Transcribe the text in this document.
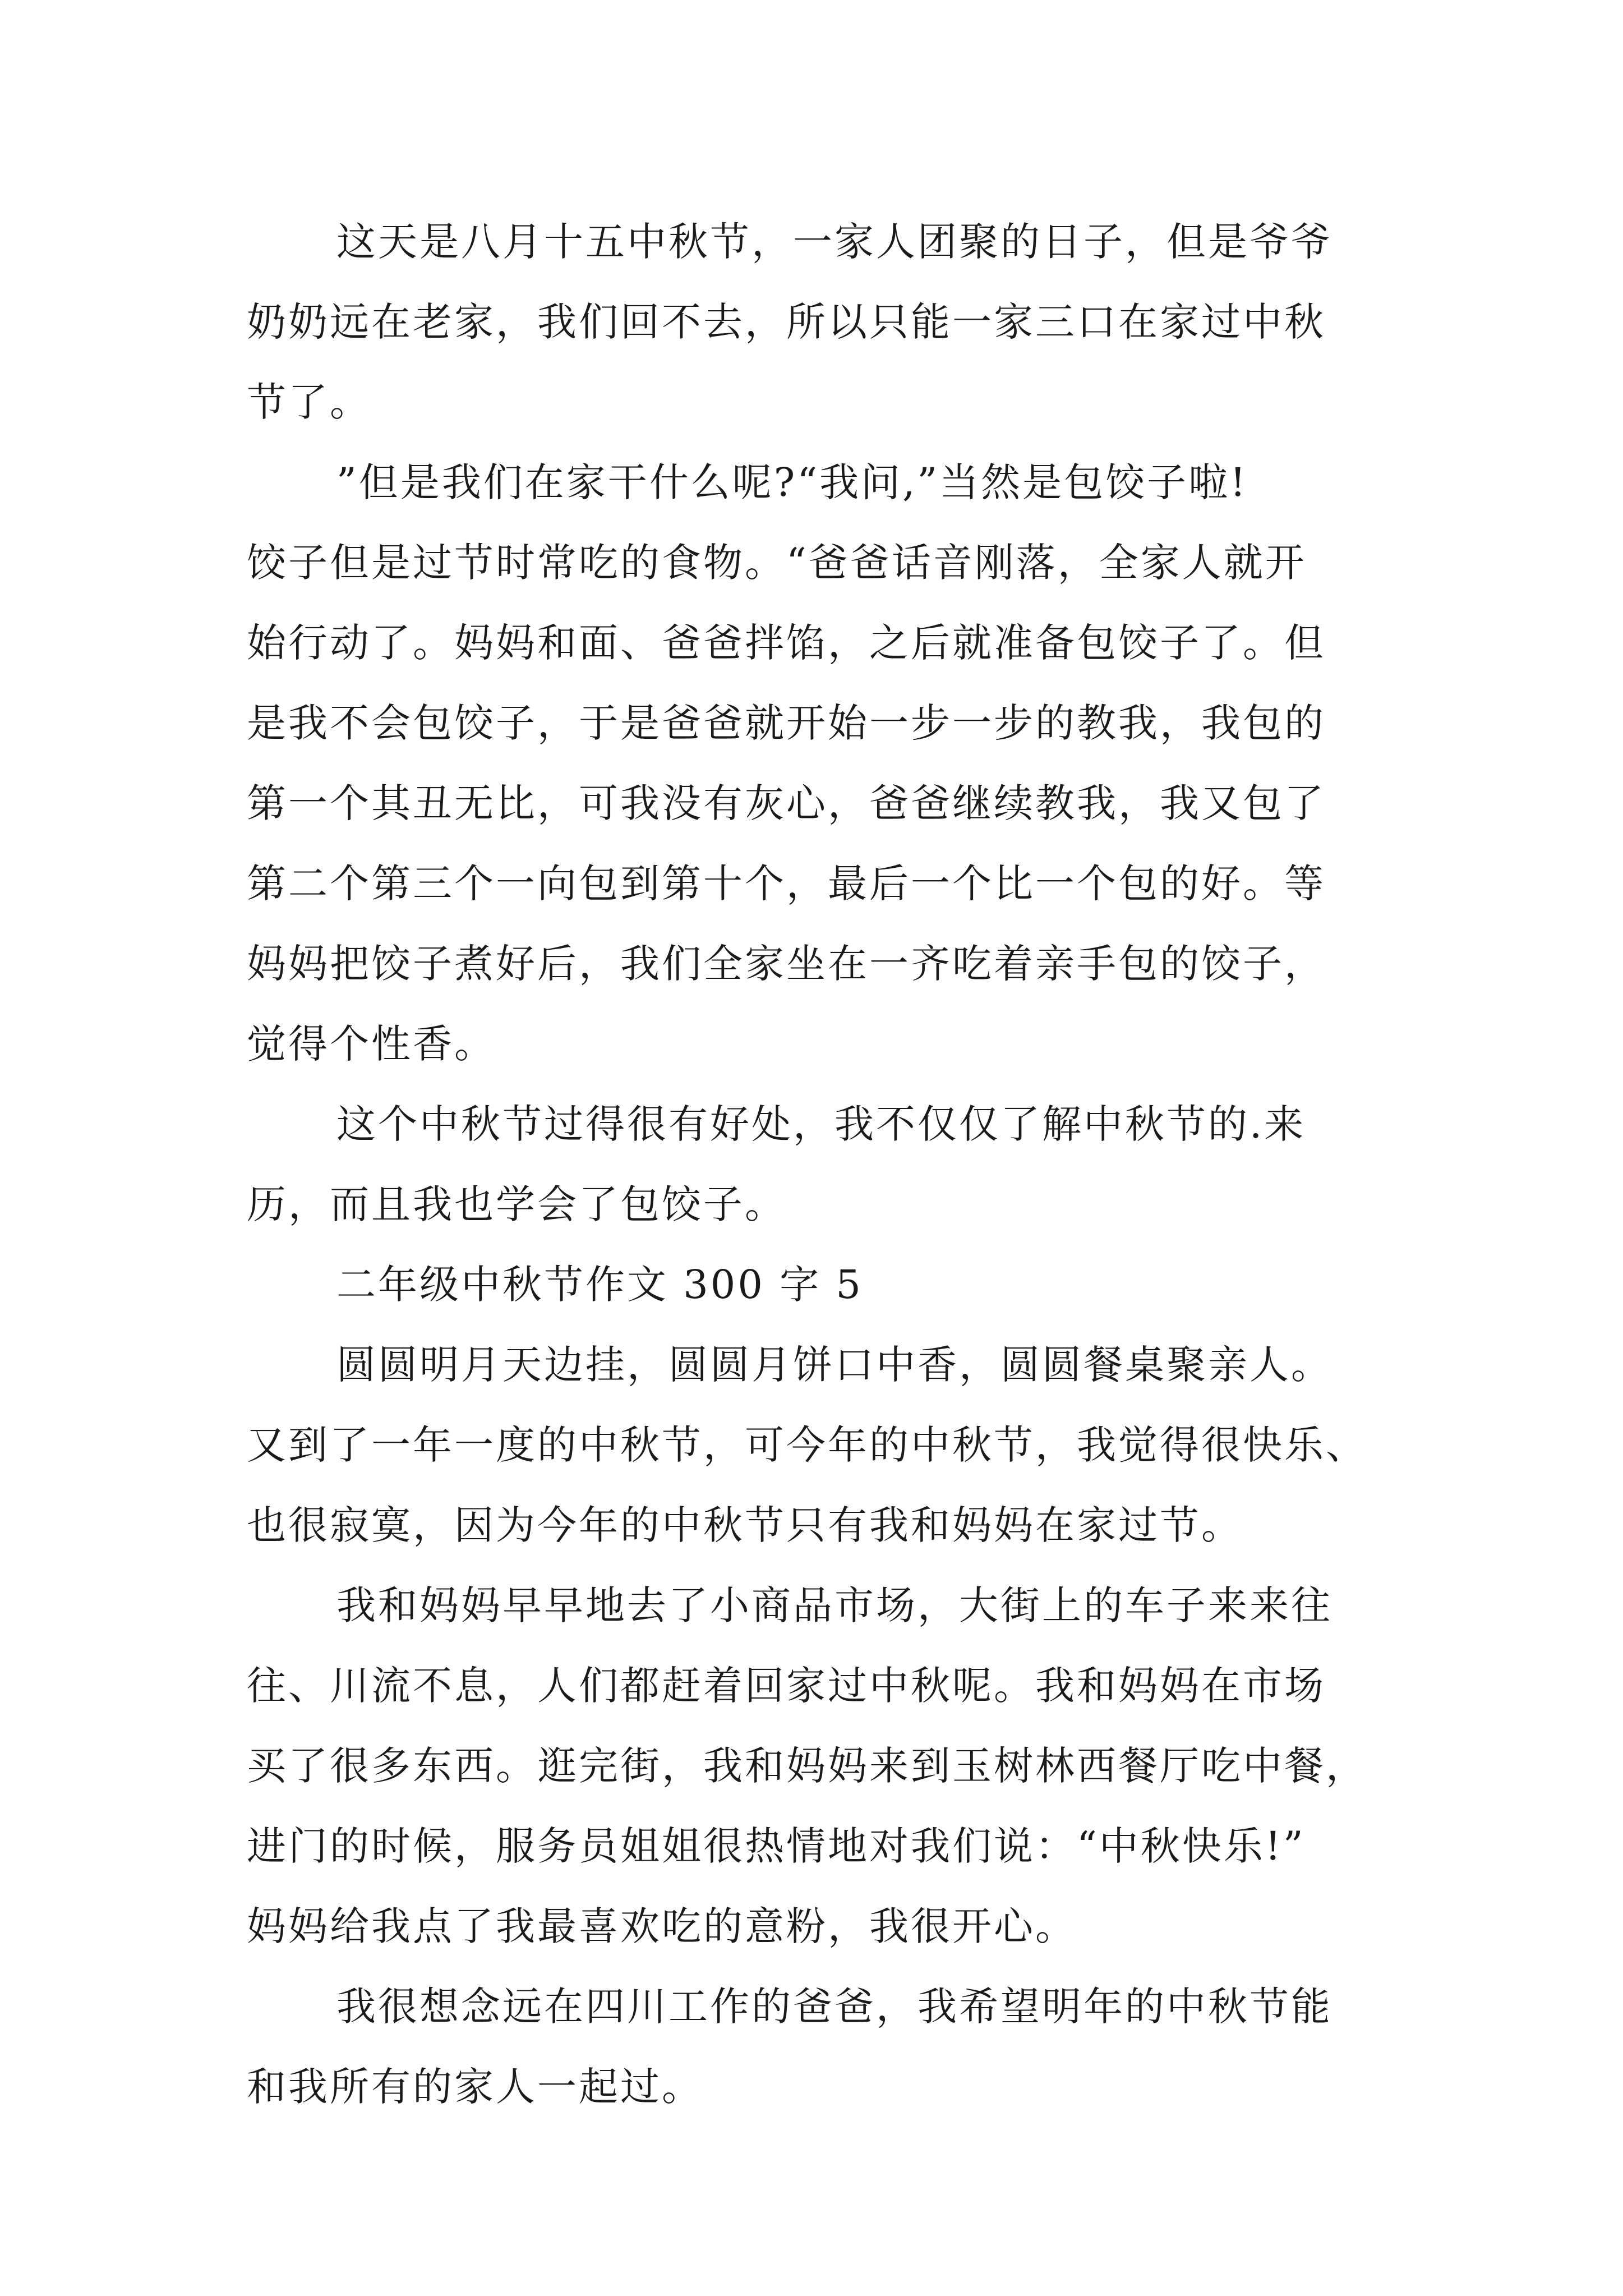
这天是八月十五中秋节，一家人团聚的日子，但是爷爷
奶奶远在老家，我们回不去，所以只能一家三口在家过中秋
节了。

”但是我们在家干什么呢?“我问,”当然是包饺子啦!
饺子但是过节时常吃的食物。“爸爸话音刚落，全家人就开
始行动了。妈妈和面、爸爸拌馅，之后就准备包饺子了。但
是我不会包饺子，于是爸爸就开始一步一步的教我，我包的
第一个其丑无比，可我没有灰心，爸爸继续教我，我又包了
第二个第三个一向包到第十个，最后一个比一个包的好。等
妈妈把饺子煮好后，我们全家坐在一齐吃着亲手包的饺子，
觉得个性香。

这个中秋节过得很有好处，我不仅仅了解中秋节的.来
历，而且我也学会了包饺子。

二年级中秋节作文 300 字 5

圆圆明月天边挂，圆圆月饼口中香，圆圆餐桌聚亲人。
又到了一年一度的中秋节，可今年的中秋节，我觉得很快乐、
也很寂寞，因为今年的中秋节只有我和妈妈在家过节。

我和妈妈早早地去了小商品市场，大街上的车子来来往
往、川流不息，人们都赶着回家过中秋呢。我和妈妈在市场
买了很多东西。逛完街，我和妈妈来到玉树林西餐厅吃中餐，
进门的时候，服务员姐姐很热情地对我们说：“中秋快乐!”
妈妈给我点了我最喜欢吃的意粉，我很开心。

我很想念远在四川工作的爸爸，我希望明年的中秋节能
和我所有的家人一起过。
